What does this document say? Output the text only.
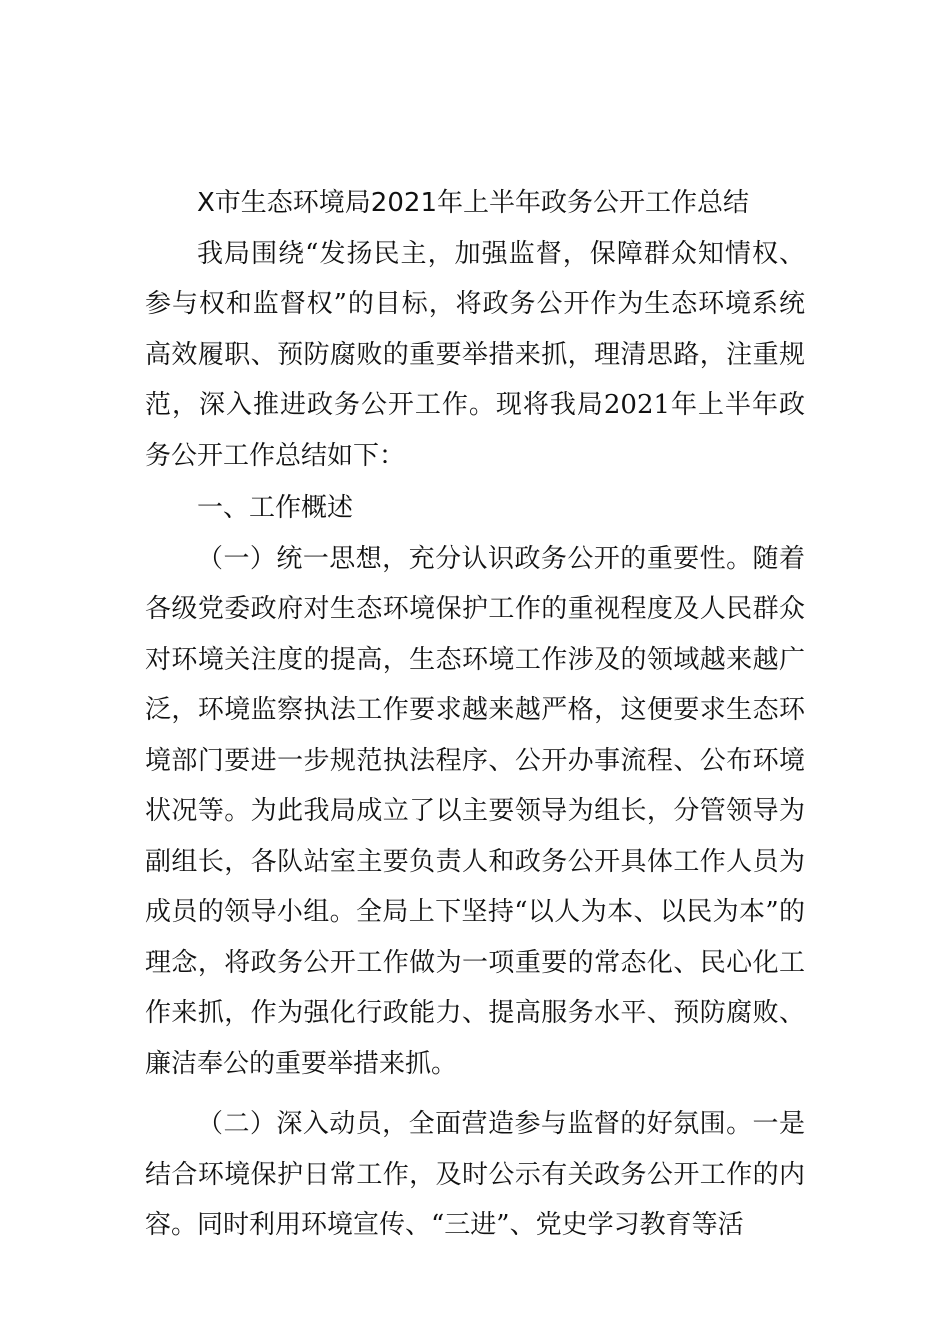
X市生态环境局2021年上半年政务公开工作总结

我局围绕“发扬民主，加强监督，保障群众知情权、参与权和监督权”的目标，将政务公开作为生态环境系统高效履职、预防腐败的重要举措来抓，理清思路，注重规范，深入推进政务公开工作。现将我局2021年上半年政务公开工作总结如下：

一、工作概述

（一）统一思想，充分认识政务公开的重要性。随着各级党委政府对生态环境保护工作的重视程度及人民群众对环境关注度的提高，生态环境工作涉及的领域越来越广泛，环境监察执法工作要求越来越严格，这便要求生态环境部门要进一步规范执法程序、公开办事流程、公布环境状况等。为此我局成立了以主要领导为组长，分管领导为副组长，各队站室主要负责人和政务公开具体工作人员为成员的领导小组。全局上下坚持“以人为本、以民为本”的理念，将政务公开工作做为一项重要的常态化、民心化工作来抓，作为强化行政能力、提高服务水平、预防腐败、廉洁奉公的重要举措来抓。

（二）深入动员，全面营造参与监督的好氛围。一是结合环境保护日常工作，及时公示有关政务公开工作的内容。同时利用环境宣传、“三进”、党史学习教育等活
